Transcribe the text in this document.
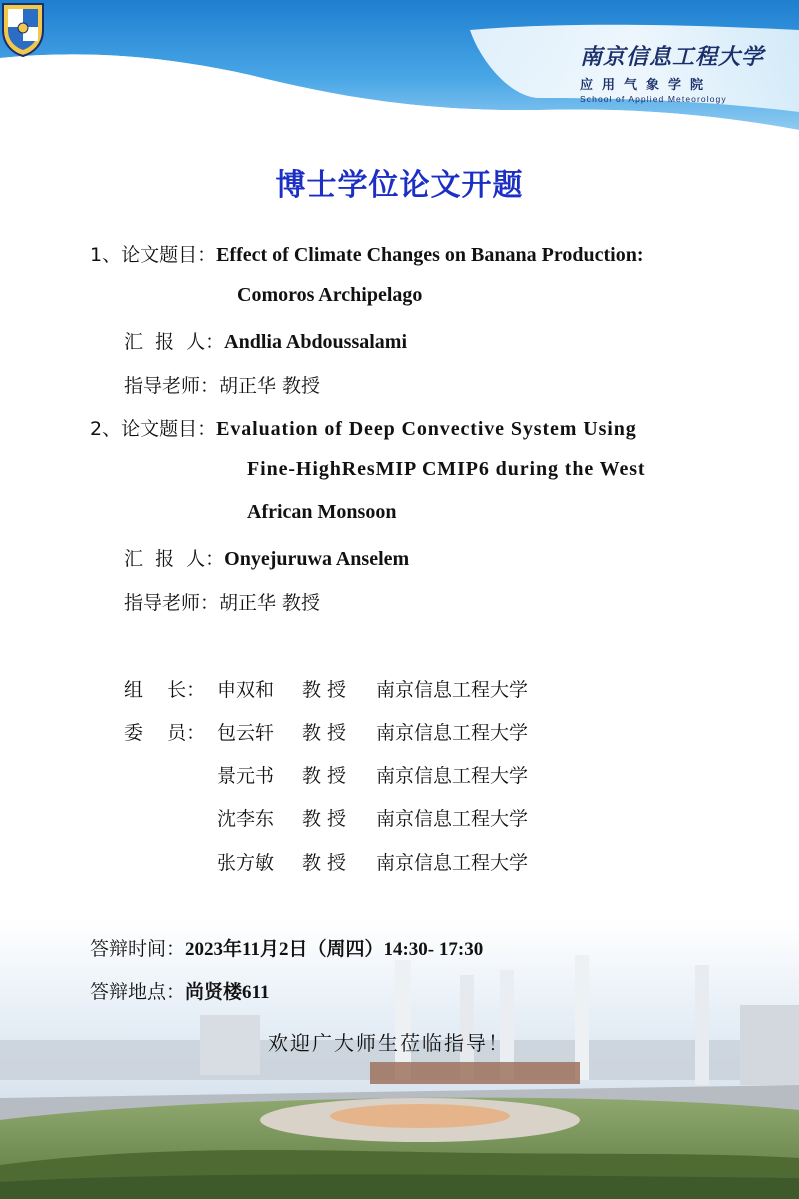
南京信息工程大学
应用气象学院
School of Applied Meteorology
博士学位论文开题
1、论文题目：Effect of Climate Changes on Banana Production:
Comoros Archipelago
汇  报  人：Andlia Abdoussalami
指导老师：胡正华 教授
2、论文题目：Evaluation of Deep Convective System Using
Fine-HighResMIP CMIP6 during the West
African Monsoon
汇  报  人：Onyejuruwa Anselem
指导老师：胡正华 教授
组    长： 申双和 教 授 南京信息工程大学
委    员： 包云轩 教 授 南京信息工程大学
景元书 教 授 南京信息工程大学
沈李东 教 授 南京信息工程大学
张方敏 教 授 南京信息工程大学
答辩时间：2023年11月2日（周四）14:30- 17:30
答辩地点：尚贤楼611
欢迎广大师生莅临指导！
